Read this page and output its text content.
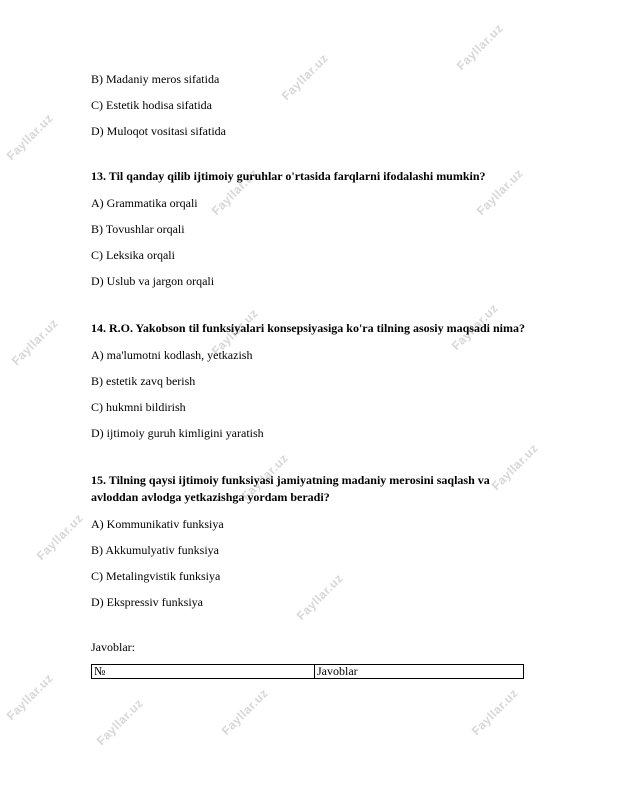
Fayllar.uz
Fayllar.uz
Fayllar.uz
Fayllar.uz	Fayllar.uz
Fayllar.uz	Fayllar.uz	Fayllar.uz
Fayllar.uz	Fayllar.uz
Fayllar.uz
Fayllar.uz
Fayllar.uz	Fayllar.uz	Fayllar.uz
Fayllar.uz
B) Madaniy meros sifatida
C) Estetik hodisa sifatida
D) Muloqot vositasi sifatida
13. Til qanday qilib ijtimoiy guruhlar o'rtasida farqlarni ifodalashi mumkin?
A) Grammatika orqali
B) Tovushlar orqali
C) Leksika orqali
D) Uslub va jargon orqali
14. R.O. Yakobson til funksiyalari konsepsiyasiga ko'ra tilning asosiy maqsadi nima?
A) ma'lumotni kodlash, yetkazish
B) estetik zavq berish
C) hukmni bildirish
D) ijtimoiy guruh kimligini yaratish
15. Tilning qaysi ijtimoiy funksiyasi jamiyatning madaniy merosini saqlash va avloddan avlodga yetkazishga yordam beradi?
A) Kommunikativ funksiya
B) Akkumulyativ funksiya
C) Metalingvistik funksiya
D) Ekspressiv funksiya
Javoblar:
№	Javoblar
